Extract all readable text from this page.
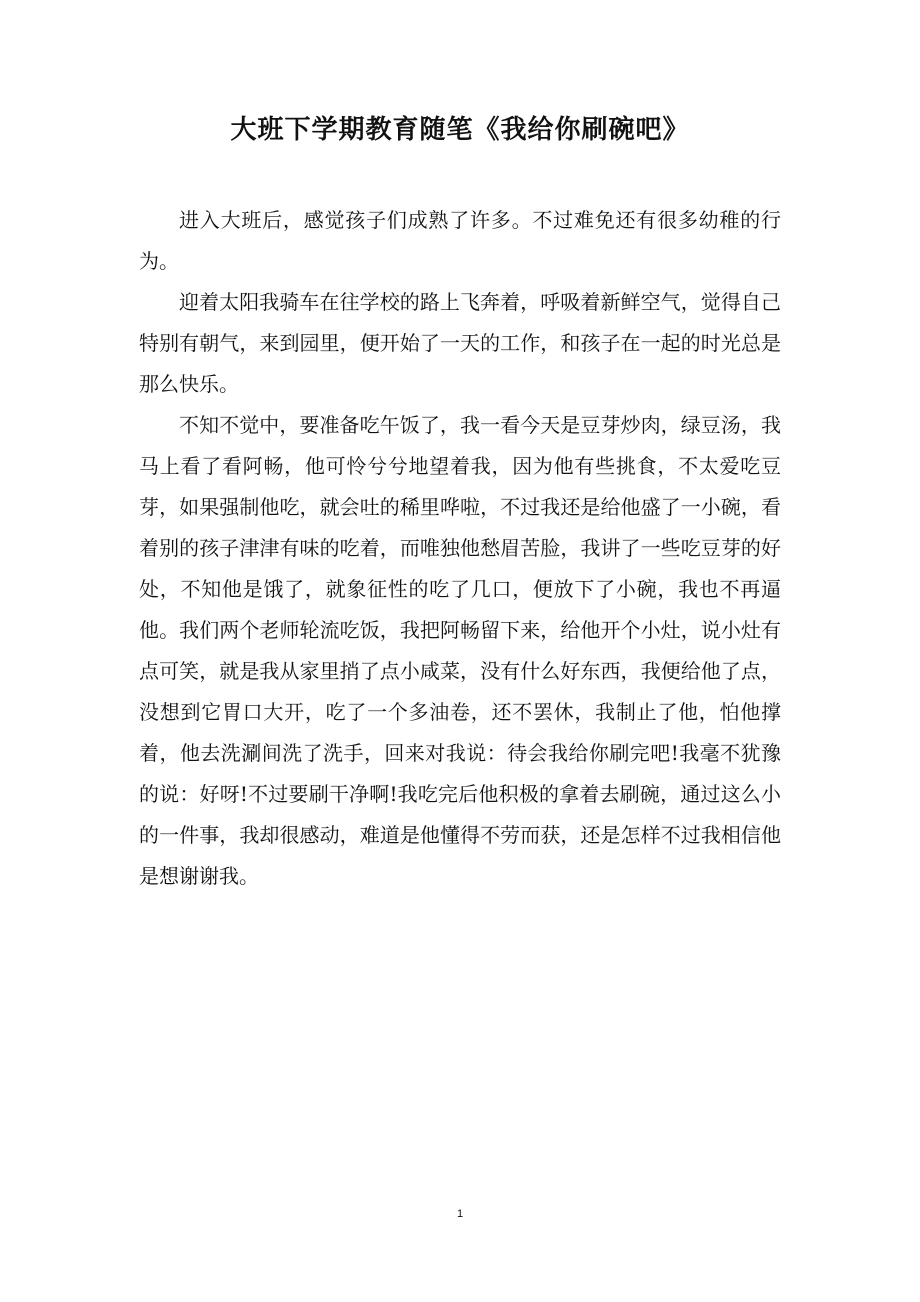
大班下学期教育随笔《我给你刷碗吧》

进入大班后，感觉孩子们成熟了许多。不过难免还有很多幼稚的行为。

迎着太阳我骑车在往学校的路上飞奔着，呼吸着新鲜空气，觉得自己特别有朝气，来到园里，便开始了一天的工作，和孩子在一起的时光总是那么快乐。

不知不觉中，要准备吃午饭了，我一看今天是豆芽炒肉，绿豆汤，我马上看了看阿畅，他可怜兮兮地望着我，因为他有些挑食，不太爱吃豆芽，如果强制他吃，就会吐的稀里哗啦，不过我还是给他盛了一小碗，看着别的孩子津津有味的吃着，而唯独他愁眉苦脸，我讲了一些吃豆芽的好处，不知他是饿了，就象征性的吃了几口，便放下了小碗，我也不再逼他。我们两个老师轮流吃饭，我把阿畅留下来，给他开个小灶，说小灶有点可笑，就是我从家里捎了点小咸菜，没有什么好东西，我便给他了点，没想到它胃口大开，吃了一个多油卷，还不罢休，我制止了他，怕他撑着，他去洗涮间洗了洗手，回来对我说：待会我给你刷完吧!我毫不犹豫的说：好呀!不过要刷干净啊!我吃完后他积极的拿着去刷碗，通过这么小的一件事，我却很感动，难道是他懂得不劳而获，还是怎样不过我相信他是想谢谢我。

1
